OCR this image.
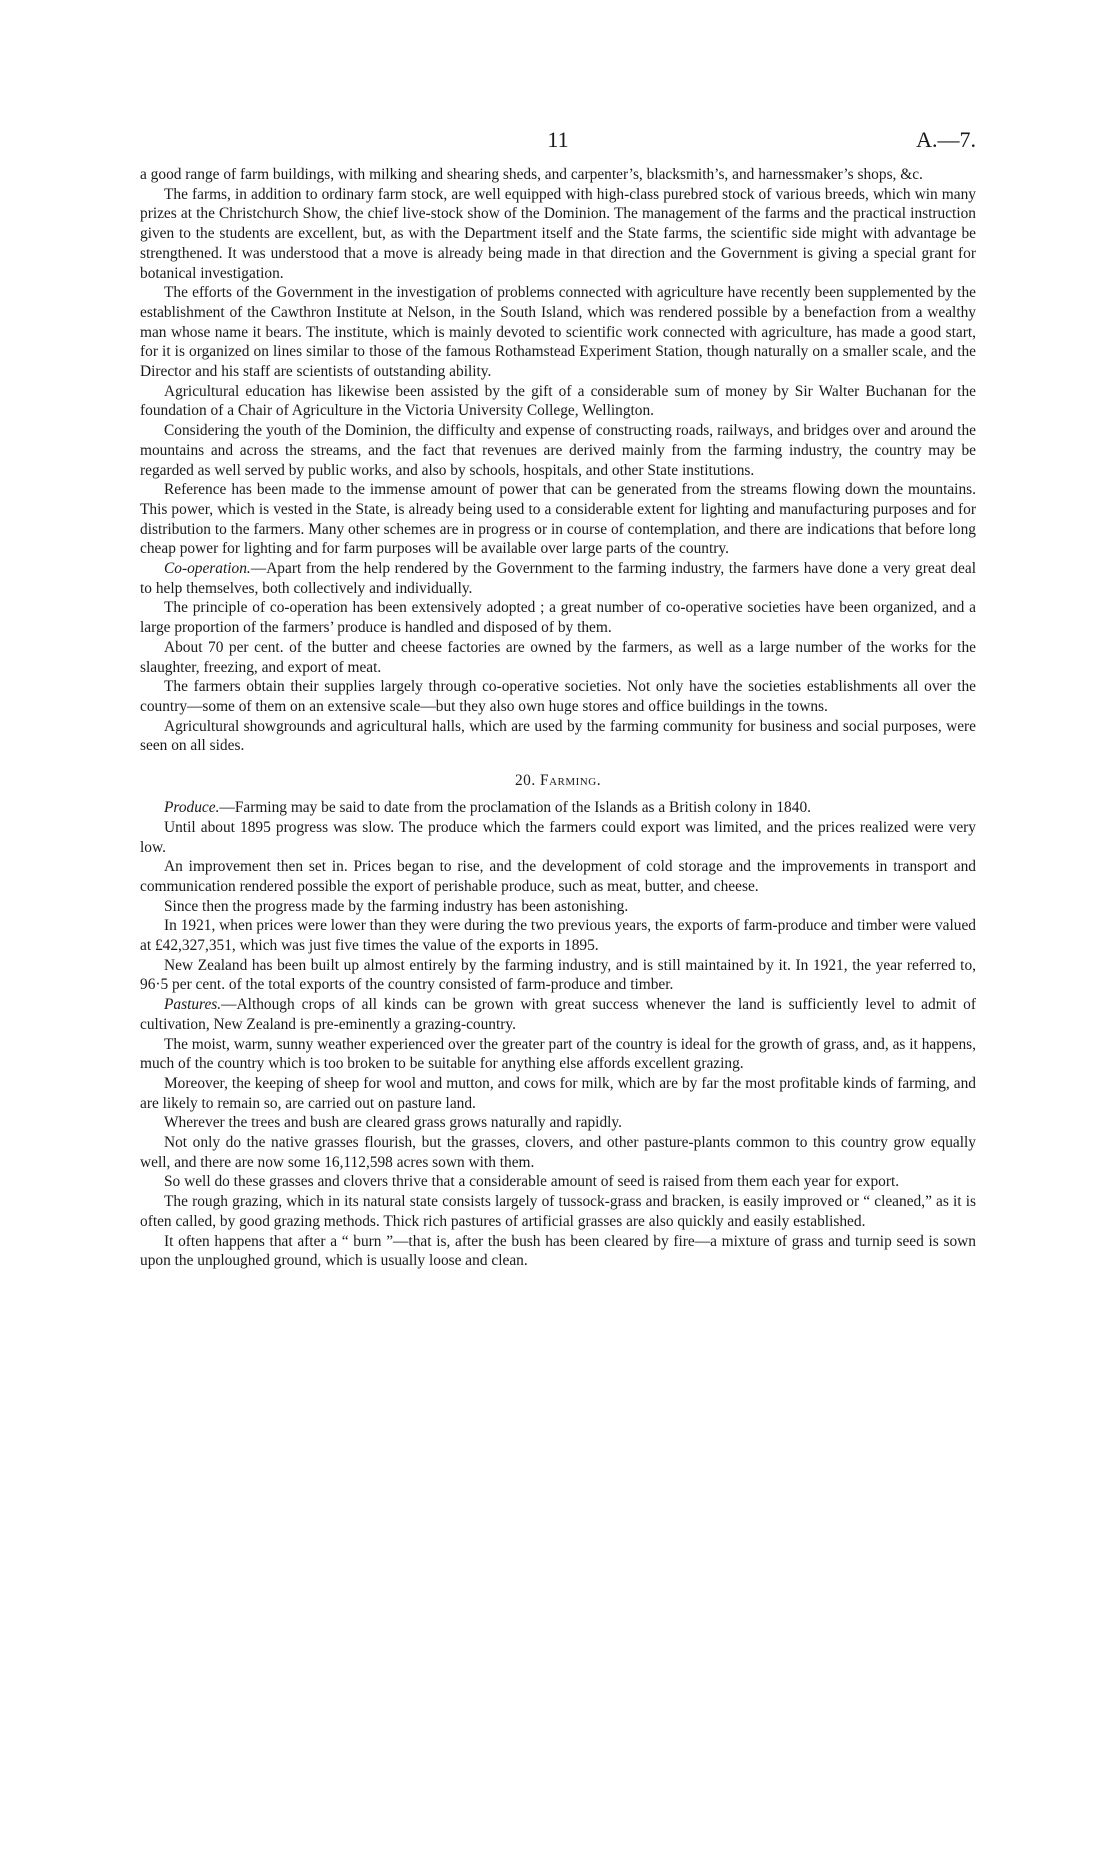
11	A.—7.

a good range of farm buildings, with milking and shearing sheds, and carpenter’s, blacksmith’s, and harnessmaker’s shops, &c.

The farms, in addition to ordinary farm stock, are well equipped with high-class purebred stock of various breeds, which win many prizes at the Christchurch Show, the chief live-stock show of the Dominion. The management of the farms and the practical instruction given to the students are excellent, but, as with the Department itself and the State farms, the scientific side might with advantage be strengthened. It was understood that a move is already being made in that direction and the Government is giving a special grant for botanical investigation.

The efforts of the Government in the investigation of problems connected with agriculture have recently been supplemented by the establishment of the Cawthron Institute at Nelson, in the South Island, which was rendered possible by a benefaction from a wealthy man whose name it bears. The institute, which is mainly devoted to scientific work connected with agriculture, has made a good start, for it is organized on lines similar to those of the famous Rothamstead Experiment Station, though naturally on a smaller scale, and the Director and his staff are scientists of outstanding ability.

Agricultural education has likewise been assisted by the gift of a considerable sum of money by Sir Walter Buchanan for the foundation of a Chair of Agriculture in the Victoria University College, Wellington.

Considering the youth of the Dominion, the difficulty and expense of constructing roads, railways, and bridges over and around the mountains and across the streams, and the fact that revenues are derived mainly from the farming industry, the country may be regarded as well served by public works, and also by schools, hospitals, and other State institutions.

Reference has been made to the immense amount of power that can be generated from the streams flowing down the mountains. This power, which is vested in the State, is already being used to a considerable extent for lighting and manufacturing purposes and for distribution to the farmers. Many other schemes are in progress or in course of contemplation, and there are indications that before long cheap power for lighting and for farm purposes will be available over large parts of the country.

Co-operation.—Apart from the help rendered by the Government to the farming industry, the farmers have done a very great deal to help themselves, both collectively and individually.

The principle of co-operation has been extensively adopted ; a great number of co-operative societies have been organized, and a large proportion of the farmers’ produce is handled and disposed of by them.

About 70 per cent. of the butter and cheese factories are owned by the farmers, as well as a large number of the works for the slaughter, freezing, and export of meat.

The farmers obtain their supplies largely through co-operative societies. Not only have the societies establishments all over the country—some of them on an extensive scale—but they also own huge stores and office buildings in the towns.

Agricultural showgrounds and agricultural halls, which are used by the farming community for business and social purposes, were seen on all sides.

20. Farming.

Produce.—Farming may be said to date from the proclamation of the Islands as a British colony in 1840.

Until about 1895 progress was slow. The produce which the farmers could export was limited, and the prices realized were very low.

An improvement then set in. Prices began to rise, and the development of cold storage and the improvements in transport and communication rendered possible the export of perishable produce, such as meat, butter, and cheese.

Since then the progress made by the farming industry has been astonishing.

In 1921, when prices were lower than they were during the two previous years, the exports of farm-produce and timber were valued at £42,327,351, which was just five times the value of the exports in 1895.

New Zealand has been built up almost entirely by the farming industry, and is still maintained by it. In 1921, the year referred to, 96·5 per cent. of the total exports of the country consisted of farm-produce and timber.

Pastures.—Although crops of all kinds can be grown with great success whenever the land is sufficiently level to admit of cultivation, New Zealand is pre-eminently a grazing-country.

The moist, warm, sunny weather experienced over the greater part of the country is ideal for the growth of grass, and, as it happens, much of the country which is too broken to be suitable for anything else affords excellent grazing.

Moreover, the keeping of sheep for wool and mutton, and cows for milk, which are by far the most profitable kinds of farming, and are likely to remain so, are carried out on pasture land.

Wherever the trees and bush are cleared grass grows naturally and rapidly.

Not only do the native grasses flourish, but the grasses, clovers, and other pasture-plants common to this country grow equally well, and there are now some 16,112,598 acres sown with them.

So well do these grasses and clovers thrive that a considerable amount of seed is raised from them each year for export.

The rough grazing, which in its natural state consists largely of tussock-grass and bracken, is easily improved or “ cleaned,” as it is often called, by good grazing methods. Thick rich pastures of artificial grasses are also quickly and easily established.

It often happens that after a “ burn ”—that is, after the bush has been cleared by fire—a mixture of grass and turnip seed is sown upon the unploughed ground, which is usually loose and clean.
